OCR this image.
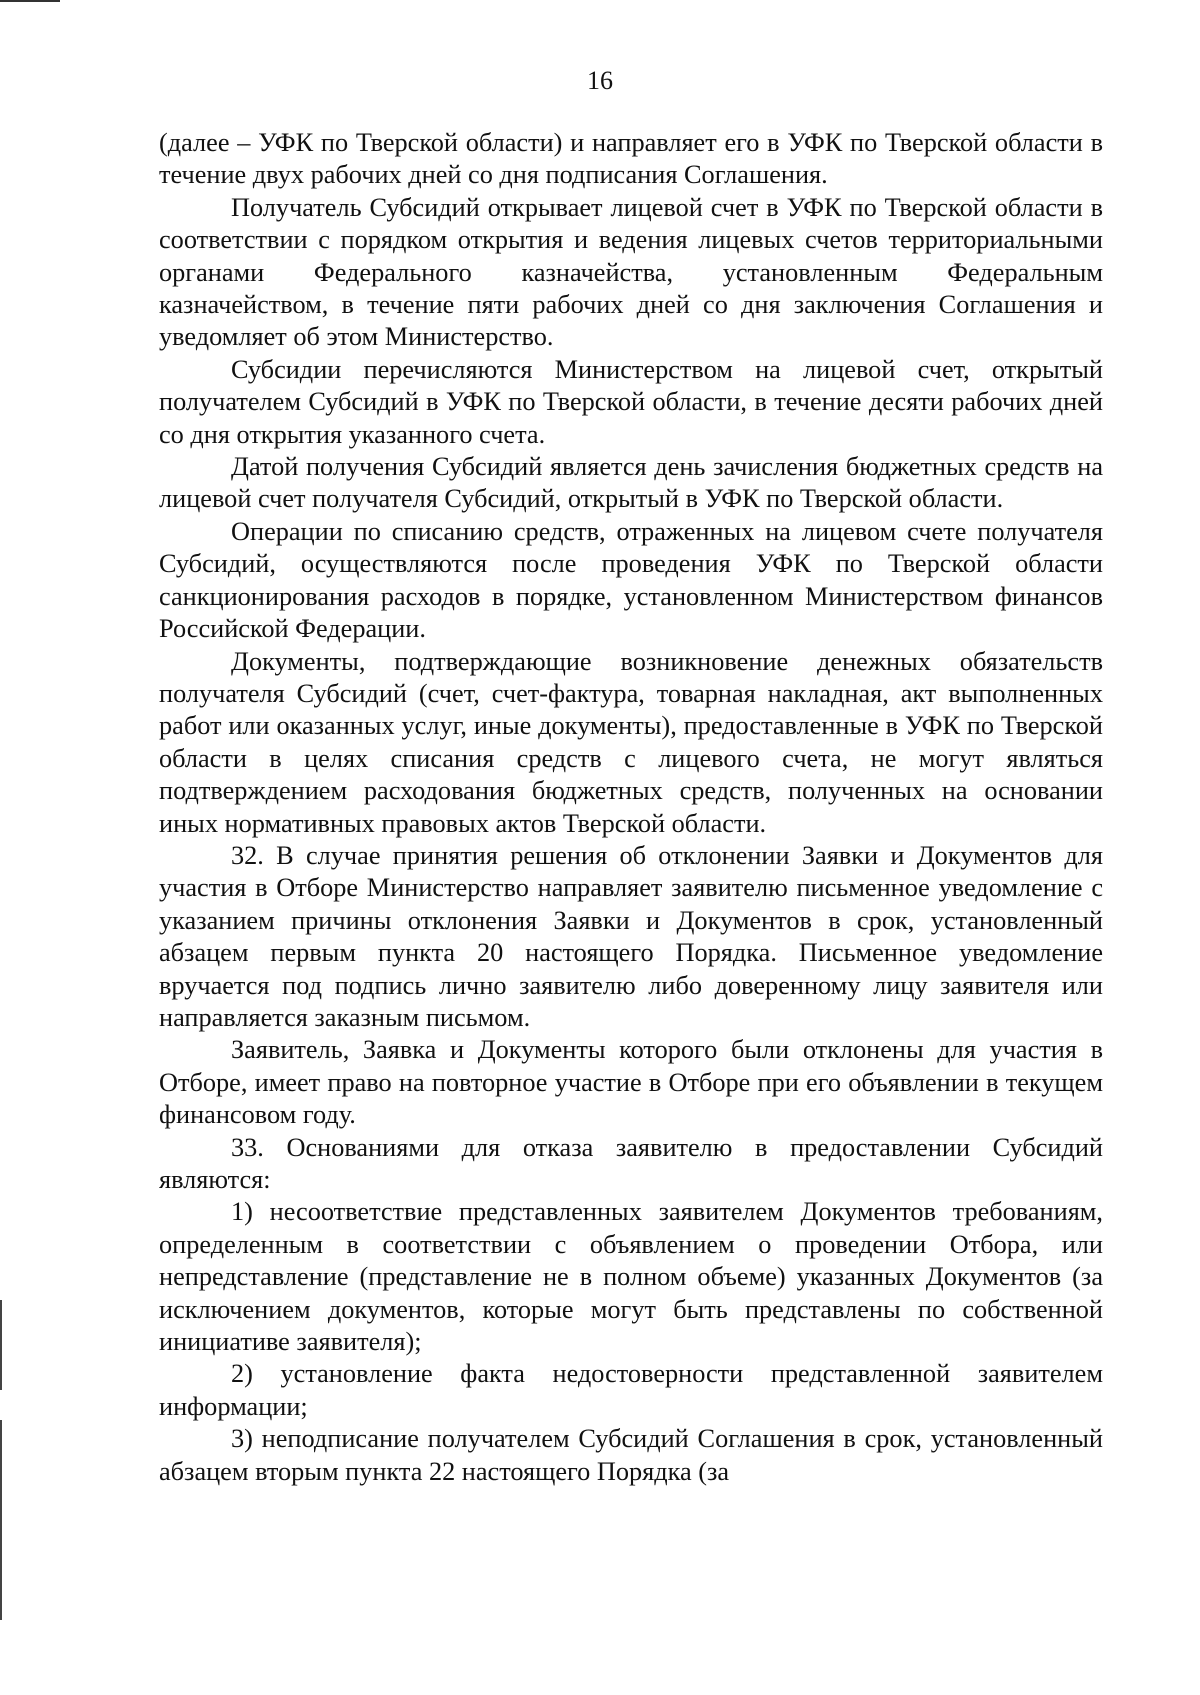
16

(далее – УФК по Тверской области) и направляет его в УФК по Тверской области в течение двух рабочих дней со дня подписания Соглашения.

Получатель Субсидий открывает лицевой счет в УФК по Тверской области в соответствии с порядком открытия и ведения лицевых счетов территориальными органами Федерального казначейства, установленным Федеральным казначейством, в течение пяти рабочих дней со дня заключения Соглашения и уведомляет об этом Министерство.

Субсидии перечисляются Министерством на лицевой счет, открытый получателем Субсидий в УФК по Тверской области, в течение десяти рабочих дней со дня открытия указанного счета.

Датой получения Субсидий является день зачисления бюджетных средств на лицевой счет получателя Субсидий, открытый в УФК по Тверской области.

Операции по списанию средств, отраженных на лицевом счете получателя Субсидий, осуществляются после проведения УФК по Тверской области санкционирования расходов в порядке, установленном Министерством финансов Российской Федерации.

Документы, подтверждающие возникновение денежных обязательств получателя Субсидий (счет, счет-фактура, товарная накладная, акт выполненных работ или оказанных услуг, иные документы), предоставленные в УФК по Тверской области в целях списания средств с лицевого счета, не могут являться подтверждением расходования бюджетных средств, полученных на основании иных нормативных правовых актов Тверской области.

32. В случае принятия решения об отклонении Заявки и Документов для участия в Отборе Министерство направляет заявителю письменное уведомление с указанием причины отклонения Заявки и Документов в срок, установленный абзацем первым пункта 20 настоящего Порядка. Письменное уведомление вручается под подпись лично заявителю либо доверенному лицу заявителя или направляется заказным письмом.

Заявитель, Заявка и Документы которого были отклонены для участия в Отборе, имеет право на повторное участие в Отборе при его объявлении в текущем финансовом году.

33. Основаниями для отказа заявителю в предоставлении Субсидий являются:

1) несоответствие представленных заявителем Документов требованиям, определенным в соответствии с объявлением о проведении Отбора, или непредставление (представление не в полном объеме) указанных Документов (за исключением документов, которые могут быть представлены по собственной инициативе заявителя);

2) установление факта недостоверности представленной заявителем информации;

3) неподписание получателем Субсидий Соглашения в срок, установленный абзацем вторым пункта 22 настоящего Порядка (за
